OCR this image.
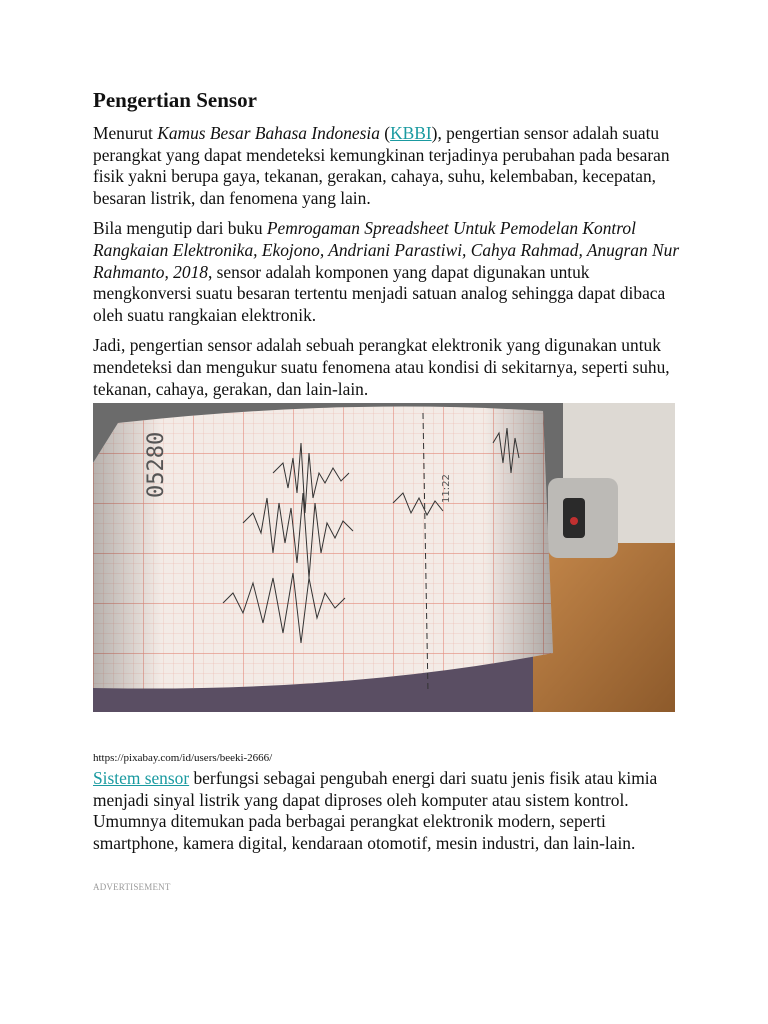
Pengertian Sensor

Menurut Kamus Besar Bahasa Indonesia (KBBI), pengertian sensor adalah suatu perangkat yang dapat mendeteksi kemungkinan terjadinya perubahan pada besaran fisik yakni berupa gaya, tekanan, gerakan, cahaya, suhu, kelembaban, kecepatan, besaran listrik, dan fenomena yang lain.

Bila mengutip dari buku Pemrogaman Spreadsheet Untuk Pemodelan Kontrol Rangkaian Elektronika, Ekojono, Andriani Parastiwi, Cahya Rahmad, Anugran Nur Rahmanto, 2018, sensor adalah komponen yang dapat digunakan untuk mengkonversi suatu besaran tertentu menjadi satuan analog sehingga dapat dibaca oleh suatu rangkaian elektronik.

Jadi, pengertian sensor adalah sebuah perangkat elektronik yang digunakan untuk mendeteksi dan mengukur suatu fenomena atau kondisi di sekitarnya, seperti suhu, tekanan, cahaya, gerakan, dan lain-lain.

05280	11:22
https://pixabay.com/id/users/beeki-2666/

Sistem sensor berfungsi sebagai pengubah energi dari suatu jenis fisik atau kimia menjadi sinyal listrik yang dapat diproses oleh komputer atau sistem kontrol. Umumnya ditemukan pada berbagai perangkat elektronik modern, seperti smartphone, kamera digital, kendaraan otomotif, mesin industri, dan lain-lain.

ADVERTISEMENT
